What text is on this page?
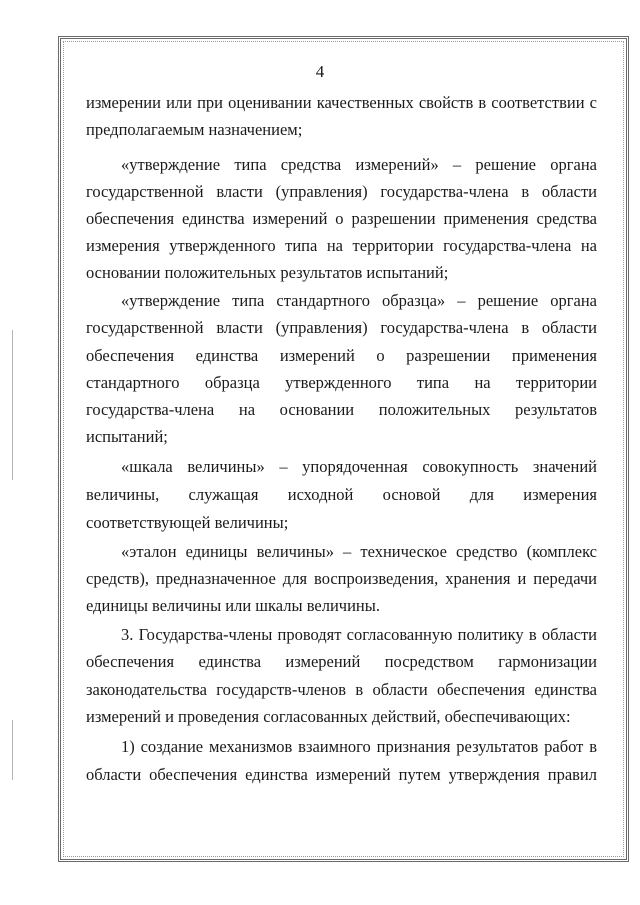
4
измерении или при оценивании качественных свойств в соответствии с
предполагаемым назначением;
«утверждение типа средства измерений» – решение органа
государственной власти (управления) государства-члена в области
обеспечения единства измерений о разрешении применения средства
измерения утвержденного типа на территории государства-члена на
основании положительных результатов испытаний;
«утверждение типа стандартного образца» – решение органа
государственной власти (управления) государства-члена в области
обеспечения единства измерений о разрешении применения
стандартного образца утвержденного типа на территории
государства-члена на основании положительных результатов
испытаний;
«шкала величины» – упорядоченная совокупность значений
величины, служащая исходной основой для измерения
соответствующей величины;
«эталон единицы величины» – техническое средство (комплекс
средств), предназначенное для воспроизведения, хранения и передачи
единицы величины или шкалы величины.
3. Государства-члены проводят согласованную политику в области
обеспечения единства измерений посредством гармонизации
законодательства государств-членов в области обеспечения единства
измерений и проведения согласованных действий, обеспечивающих:
1) создание механизмов взаимного признания результатов работ в
области обеспечения единства измерений путем утверждения правил
